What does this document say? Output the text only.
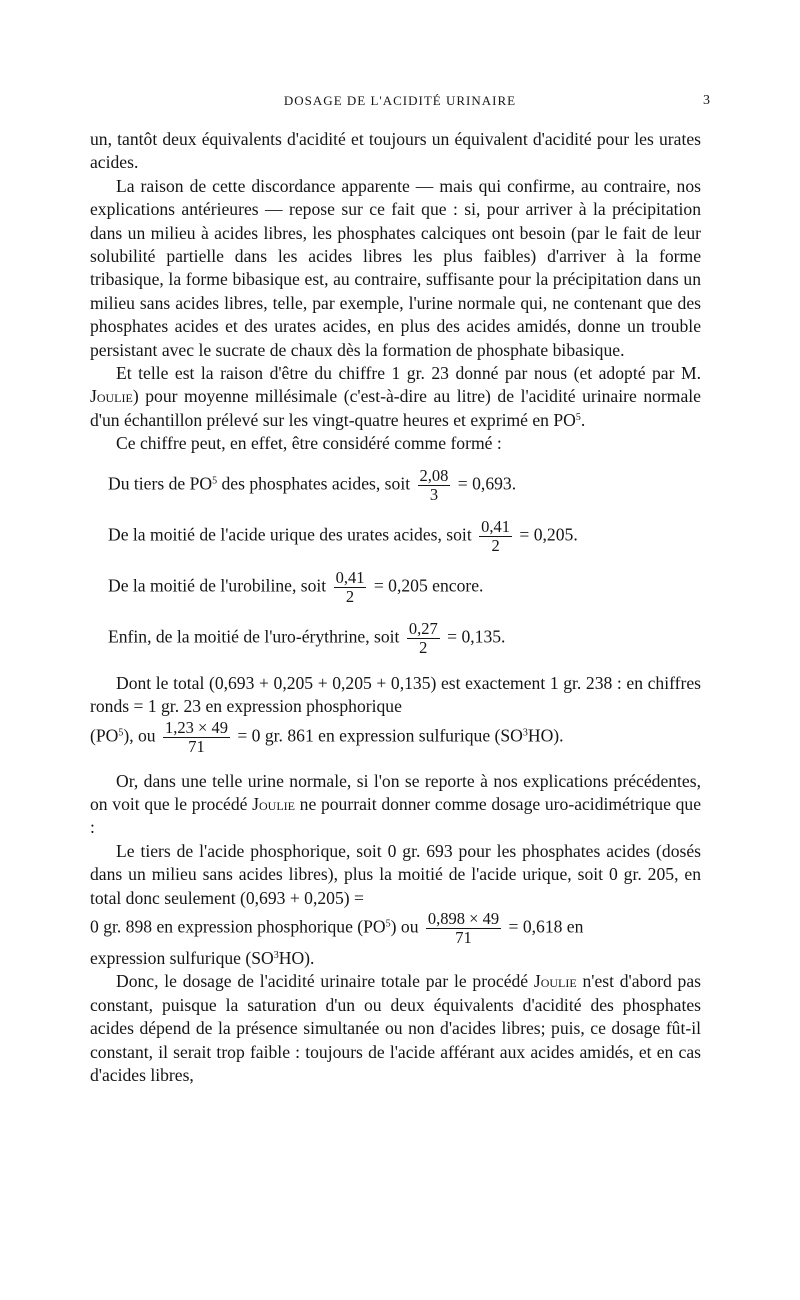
DOSAGE DE L'ACIDITÉ URINAIRE	3

un, tantôt deux équivalents d'acidité et toujours un équivalent d'acidité pour les urates acides.

La raison de cette discordance apparente — mais qui confirme, au contraire, nos explications antérieures — repose sur ce fait que : si, pour arriver à la précipitation dans un milieu à acides libres, les phosphates calciques ont besoin (par le fait de leur solubilité partielle dans les acides libres les plus faibles) d'arriver à la forme tribasique, la forme bibasique est, au contraire, suffisante pour la précipitation dans un milieu sans acides libres, telle, par exemple, l'urine normale qui, ne contenant que des phosphates acides et des urates acides, en plus des acides amidés, donne un trouble persistant avec le sucrate de chaux dès la formation de phosphate bibasique.

Et telle est la raison d'être du chiffre 1 gr. 23 donné par nous (et adopté par M. Joulie) pour moyenne millésimale (c'est-à-dire au litre) de l'acidité urinaire normale d'un échantillon prélevé sur les vingt-quatre heures et exprimé en $PO^5$.

Ce chiffre peut, en effet, être considéré comme formé :

Du tiers de $PO^5$ des phosphates acides, soit $\frac{2,08}{3} = 0,693$.

De la moitié de l'acide urique des urates acides, soit $\frac{0,41}{2} = 0,205$.

De la moitié de l'urobiline, soit $\frac{0,41}{2} = 0,205$ encore.

Enfin, de la moitié de l'uro-érythrine, soit $\frac{0,27}{2} = 0,135$.

Dont le total (0,693 + 0,205 + 0,205 + 0,135) est exactement 1 gr. 238 : en chiffres ronds = 1 gr. 23 en expression phosphorique

$(PO^5)$, ou $\frac{1,23 \times 49}{71} = 0$ gr. 861 en expression sulfurique $(SO^3HO)$.

Or, dans une telle urine normale, si l'on se reporte à nos explications précédentes, on voit que le procédé Joulie ne pourrait donner comme dosage uro-acidimétrique que :

Le tiers de l'acide phosphorique, soit 0 gr. 693 pour les phosphates acides (dosés dans un milieu sans acides libres), plus la moitié de l'acide urique, soit 0 gr. 205, en total donc seulement (0,693 + 0,205) =

0 gr. 898 en expression phosphorique $(PO^5)$ ou $\frac{0,898 \times 49}{71} = 0,618$ en

expression sulfurique $(SO^3HO)$.

Donc, le dosage de l'acidité urinaire totale par le procédé Joulie n'est d'abord pas constant, puisque la saturation d'un ou deux équivalents d'acidité des phosphates acides dépend de la présence simultanée ou non d'acides libres; puis, ce dosage fût-il constant, il serait trop faible : toujours de l'acide afférant aux acides amidés, et en cas d'acides libres,
